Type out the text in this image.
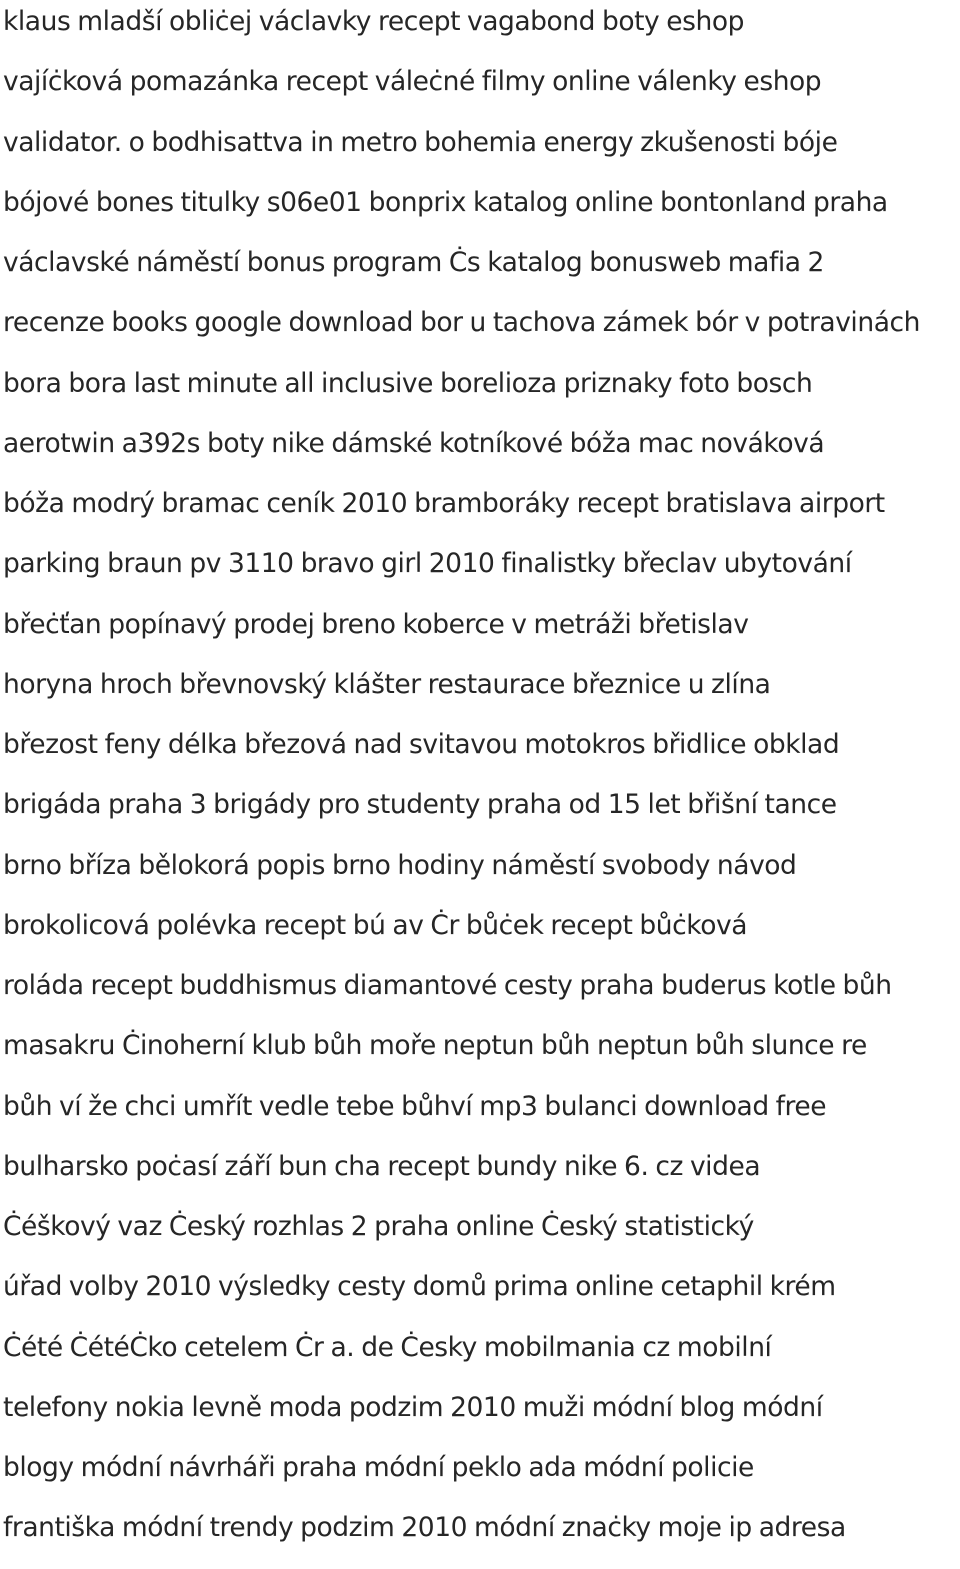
klaus mladší obliċej václavky recept vagabond boty eshop
vajíċková pomazánka recept váleċné filmy online válenky eshop
validator. o bodhisattva in metro bohemia energy zkušenosti bóje
bójové bones titulky s06e01 bonprix katalog online bontonland praha
václavské náměstí bonus program Ċs katalog bonusweb mafia 2
recenze books google download bor u tachova zámek bór v potravinách
bora bora last minute all inclusive borelioza priznaky foto bosch
aerotwin a392s boty nike dámské kotníkové bóža mac nováková
bóža modrý bramac ceník 2010 bramboráky recept bratislava airport
parking braun pv 3110 bravo girl 2010 finalistky břeclav ubytování
břeċťan popínavý prodej breno koberce v metráži břetislav
horyna hroch břevnovský klášter restaurace březnice u zlína
březost feny délka březová nad svitavou motokros břidlice obklad
brigáda praha 3 brigády pro studenty praha od 15 let břišní tance
brno bříza bělokorá popis brno hodiny náměstí svobody návod
brokolicová polévka recept bú av Ċr bůċek recept bůċková
roláda recept buddhismus diamantové cesty praha buderus kotle bůh
masakru Ċinoherní klub bůh moře neptun bůh neptun bůh slunce re
bůh ví že chci umřít vedle tebe bůhví mp3 bulanci download free
bulharsko poċasí září bun cha recept bundy nike 6. cz videa
Ċéškový vaz Ċeský rozhlas 2 praha online Ċeský statistický
úřad volby 2010 výsledky cesty domů prima online cetaphil krém
Ċété ĊétéĊko cetelem Ċr a. de Ċesky mobilmania cz mobilní
telefony nokia levně moda podzim 2010 muži módní blog módní
blogy módní návrháři praha módní peklo ada módní policie
františka módní trendy podzim 2010 módní znaċky moje ip adresa
